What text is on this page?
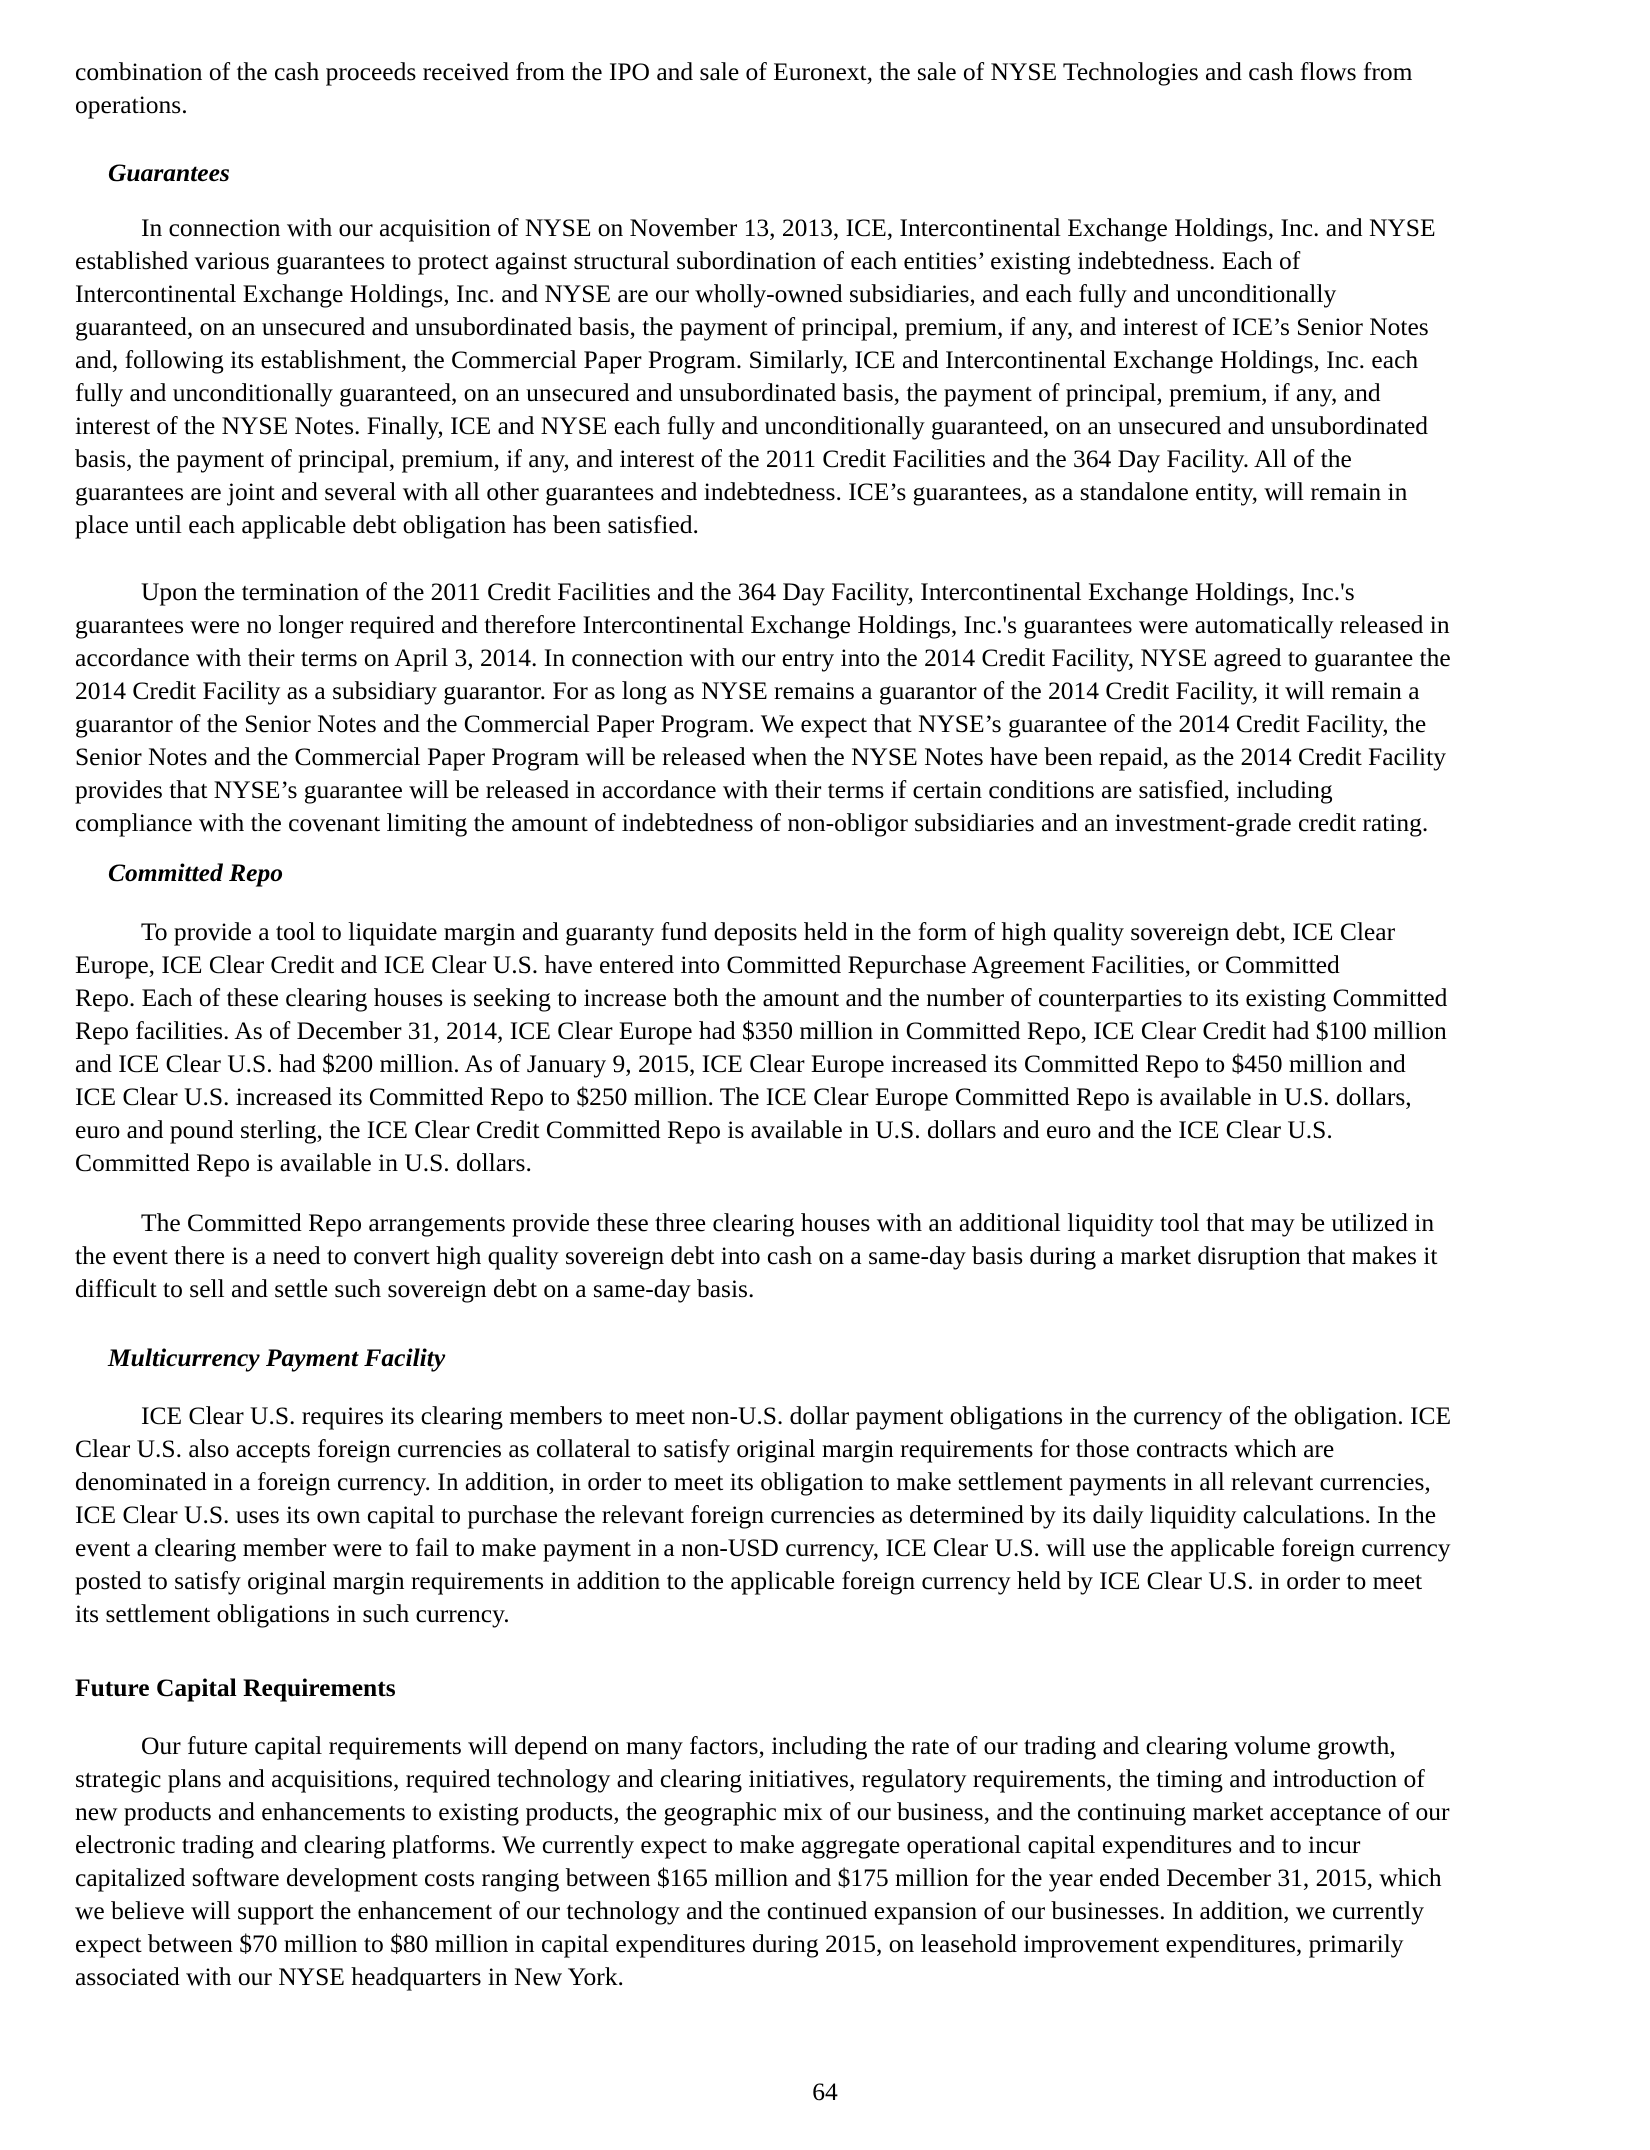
combination of the cash proceeds received from the IPO and sale of Euronext, the sale of NYSE Technologies and cash flows from
operations.
Guarantees
In connection with our acquisition of NYSE on November 13, 2013, ICE, Intercontinental Exchange Holdings, Inc. and NYSE
established various guarantees to protect against structural subordination of each entities’ existing indebtedness. Each of
Intercontinental Exchange Holdings, Inc. and NYSE are our wholly-owned subsidiaries, and each fully and unconditionally
guaranteed, on an unsecured and unsubordinated basis, the payment of principal, premium, if any, and interest of ICE’s Senior Notes
and, following its establishment, the Commercial Paper Program. Similarly, ICE and Intercontinental Exchange Holdings, Inc. each
fully and unconditionally guaranteed, on an unsecured and unsubordinated basis, the payment of principal, premium, if any, and
interest of the NYSE Notes. Finally, ICE and NYSE each fully and unconditionally guaranteed, on an unsecured and unsubordinated
basis, the payment of principal, premium, if any, and interest of the 2011 Credit Facilities and the 364 Day Facility. All of the
guarantees are joint and several with all other guarantees and indebtedness. ICE’s guarantees, as a standalone entity, will remain in
place until each applicable debt obligation has been satisfied.
Upon the termination of the 2011 Credit Facilities and the 364 Day Facility, Intercontinental Exchange Holdings, Inc.'s
guarantees were no longer required and therefore Intercontinental Exchange Holdings, Inc.'s guarantees were automatically released in
accordance with their terms on April 3, 2014. In connection with our entry into the 2014 Credit Facility, NYSE agreed to guarantee the
2014 Credit Facility as a subsidiary guarantor. For as long as NYSE remains a guarantor of the 2014 Credit Facility, it will remain a
guarantor of the Senior Notes and the Commercial Paper Program. We expect that NYSE’s guarantee of the 2014 Credit Facility, the
Senior Notes and the Commercial Paper Program will be released when the NYSE Notes have been repaid, as the 2014 Credit Facility
provides that NYSE’s guarantee will be released in accordance with their terms if certain conditions are satisfied, including
compliance with the covenant limiting the amount of indebtedness of non-obligor subsidiaries and an investment-grade credit rating.
Committed Repo
To provide a tool to liquidate margin and guaranty fund deposits held in the form of high quality sovereign debt, ICE Clear
Europe, ICE Clear Credit and ICE Clear U.S. have entered into Committed Repurchase Agreement Facilities, or Committed
Repo. Each of these clearing houses is seeking to increase both the amount and the number of counterparties to its existing Committed
Repo facilities. As of December 31, 2014, ICE Clear Europe had $350 million in Committed Repo, ICE Clear Credit had $100 million
and ICE Clear U.S. had $200 million. As of January 9, 2015, ICE Clear Europe increased its Committed Repo to $450 million and
ICE Clear U.S. increased its Committed Repo to $250 million. The ICE Clear Europe Committed Repo is available in U.S. dollars,
euro and pound sterling, the ICE Clear Credit Committed Repo is available in U.S. dollars and euro and the ICE Clear U.S.
Committed Repo is available in U.S. dollars.
The Committed Repo arrangements provide these three clearing houses with an additional liquidity tool that may be utilized in
the event there is a need to convert high quality sovereign debt into cash on a same-day basis during a market disruption that makes it
difficult to sell and settle such sovereign debt on a same-day basis.
Multicurrency Payment Facility
ICE Clear U.S. requires its clearing members to meet non-U.S. dollar payment obligations in the currency of the obligation. ICE
Clear U.S. also accepts foreign currencies as collateral to satisfy original margin requirements for those contracts which are
denominated in a foreign currency. In addition, in order to meet its obligation to make settlement payments in all relevant currencies,
ICE Clear U.S. uses its own capital to purchase the relevant foreign currencies as determined by its daily liquidity calculations. In the
event a clearing member were to fail to make payment in a non-USD currency, ICE Clear U.S. will use the applicable foreign currency
posted to satisfy original margin requirements in addition to the applicable foreign currency held by ICE Clear U.S. in order to meet
its settlement obligations in such currency.
Future Capital Requirements
Our future capital requirements will depend on many factors, including the rate of our trading and clearing volume growth,
strategic plans and acquisitions, required technology and clearing initiatives, regulatory requirements, the timing and introduction of
new products and enhancements to existing products, the geographic mix of our business, and the continuing market acceptance of our
electronic trading and clearing platforms. We currently expect to make aggregate operational capital expenditures and to incur
capitalized software development costs ranging between $165 million and $175 million for the year ended December 31, 2015, which
we believe will support the enhancement of our technology and the continued expansion of our businesses. In addition, we currently
expect between $70 million to $80 million in capital expenditures during 2015, on leasehold improvement expenditures, primarily
associated with our NYSE headquarters in New York.
64
